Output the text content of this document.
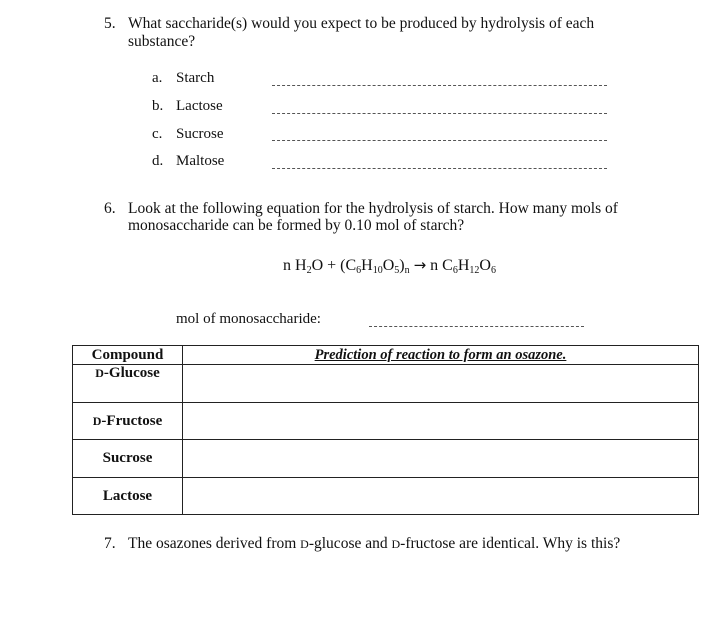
5. What saccharide(s) would you expect to be produced by hydrolysis of each
substance?
a. Starch
b. Lactose
c. Sucrose
d. Maltose
6. Look at the following equation for the hydrolysis of starch. How many mols of
monosaccharide can be formed by 0.10 mol of starch?
n $H_2O + (C_6H_{10}O_5)_n \to n$ $C_6H_{12}O_6$
mol of monosaccharide:
Compound	Prediction of reaction to form an osazone.
D-Glucose	
D-Fructose	
Sucrose	
Lactose	
7. The osazones derived from D-glucose and D-fructose are identical. Why is this?
